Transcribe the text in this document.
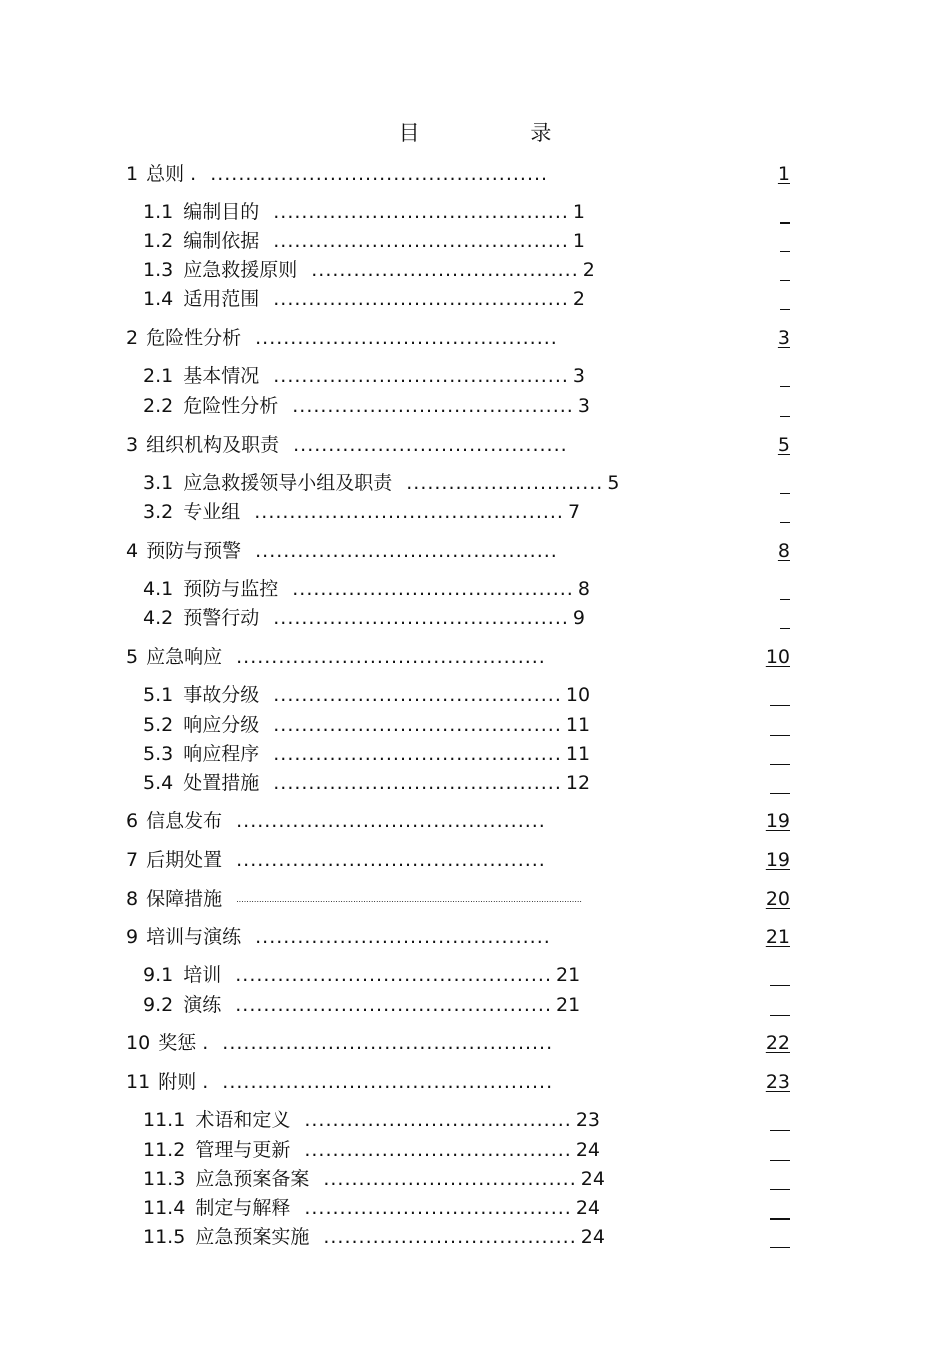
目 录
1 总则 . ................................................	1
1.1 编制目的 .......................................... 1
1.2 编制依据 .......................................... 1
1.3 应急救援原则 ...................................... 2
1.4 适用范围 .......................................... 2
2 危险性分析 ...........................................	3
2.1 基本情况 .......................................... 3
2.2 危险性分析 ........................................ 3
3 组织机构及职责 .......................................	5
3.1 应急救援领导小组及职责 ............................ 5
3.2 专业组 ............................................ 7
4 预防与预警 ...........................................	8
4.1 预防与监控 ........................................ 8
4.2 预警行动 .......................................... 9
5 应急响应 ............................................	10
5.1 事故分级 ......................................... 10
5.2 响应分级 ......................................... 11
5.3 响应程序 ......................................... 11
5.4 处置措施 ......................................... 12
6 信息发布 ............................................	19
7 后期处置 ............................................	19
8 保障措施 ........................................................................................................................................	20
9 培训与演练 ..........................................	21
9.1 培训 ............................................. 21
9.2 演练 ............................................. 21
10 奖惩 . ...............................................	22
11 附则 . ...............................................	23
11.1 术语和定义 ...................................... 23
11.2 管理与更新 ...................................... 24
11.3 应急预案备案 .................................... 24
11.4 制定与解释 ...................................... 24
11.5 应急预案实施 .................................... 24
